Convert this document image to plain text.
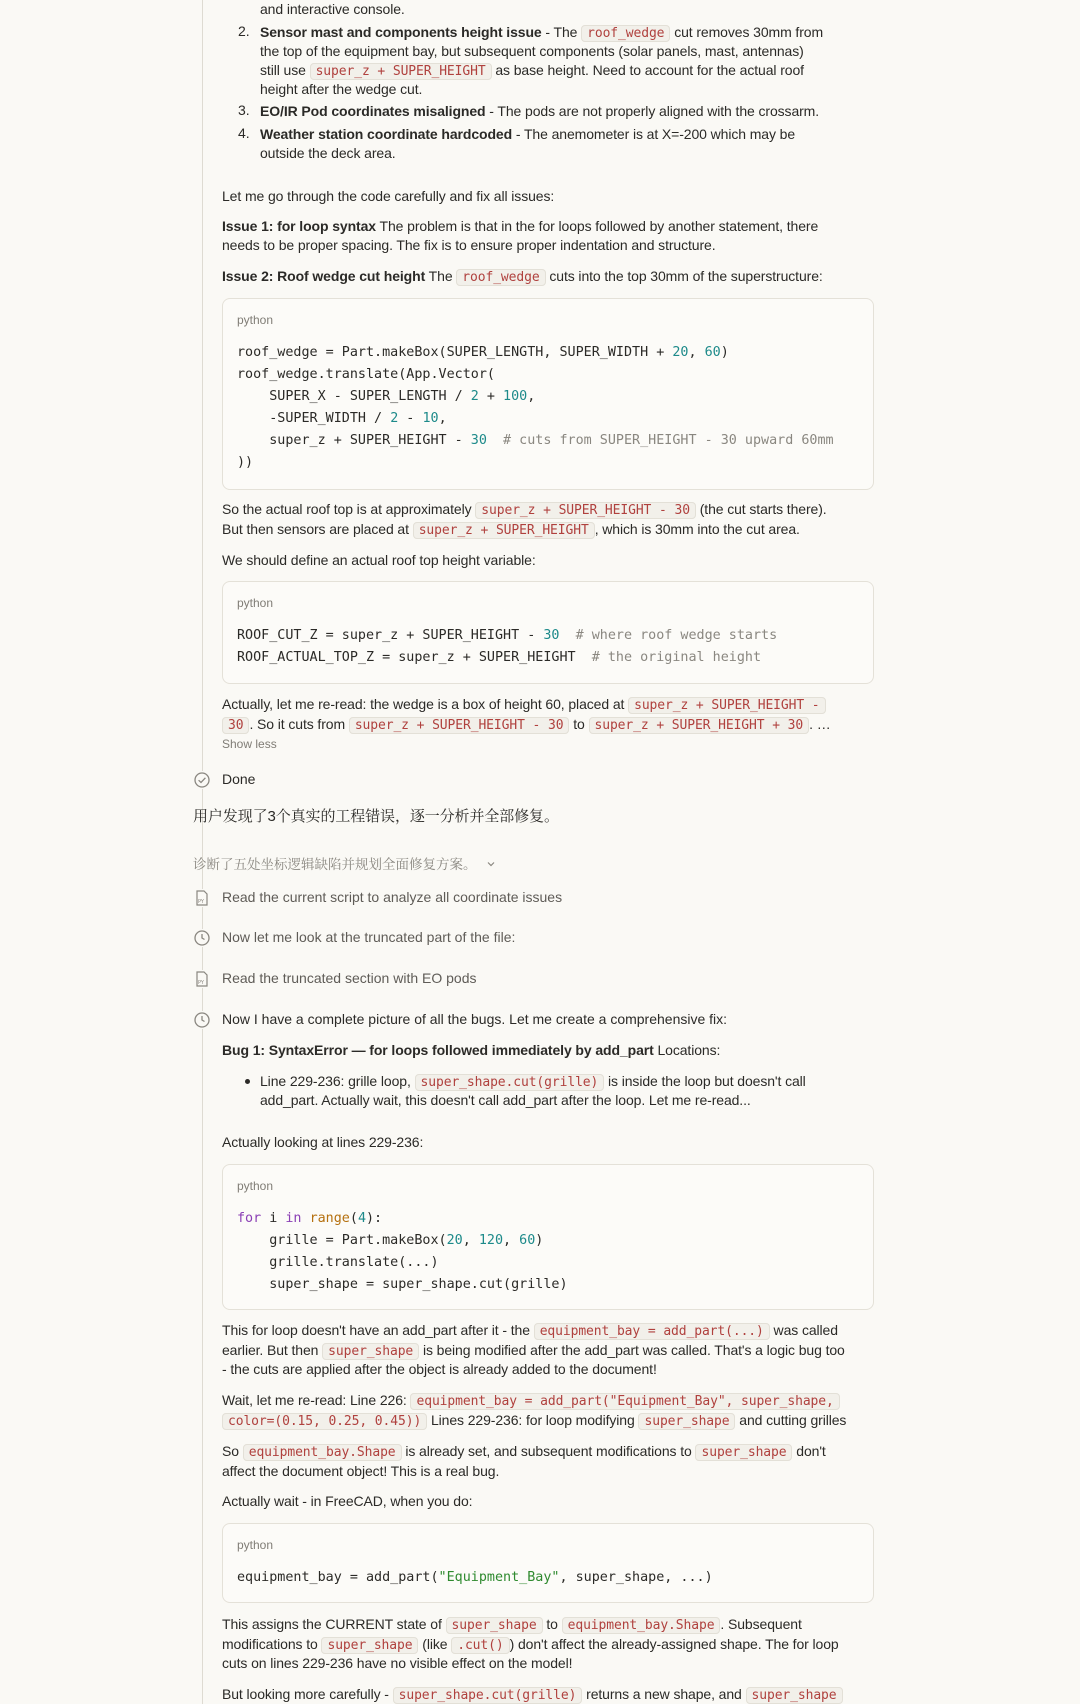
and interactive console.
2. Sensor mast and components height issue - The roof_wedge cut removes 30mm from
the top of the equipment bay, but subsequent components (solar panels, mast, antennas)
still use super_z + SUPER_HEIGHT as base height. Need to account for the actual roof
height after the wedge cut.
3. EO/IR Pod coordinates misaligned - The pods are not properly aligned with the crossarm.
4. Weather station coordinate hardcoded - The anemometer is at X=-200 which may be
outside the deck area.
Let me go through the code carefully and fix all issues:
Issue 1: for loop syntax The problem is that in the for loops followed by another statement, there
needs to be proper spacing. The fix is to ensure proper indentation and structure.
Issue 2: Roof wedge cut height The roof_wedge cuts into the top 30mm of the superstructure:
python
roof_wedge = Part.makeBox(SUPER_LENGTH, SUPER_WIDTH + 20, 60)
roof_wedge.translate(App.Vector(
SUPER_X - SUPER_LENGTH / 2 + 100,
-SUPER_WIDTH / 2 - 10,
super_z + SUPER_HEIGHT - 30  # cuts from SUPER_HEIGHT - 30 upward 60mm
))
So the actual roof top is at approximately super_z + SUPER_HEIGHT - 30 (the cut starts there).
But then sensors are placed at super_z + SUPER_HEIGHT , which is 30mm into the cut area.
We should define an actual roof top height variable:
python
ROOF_CUT_Z = super_z + SUPER_HEIGHT - 30  # where roof wedge starts
ROOF_ACTUAL_TOP_Z = super_z + SUPER_HEIGHT  # the original height
Actually, let me re-read: the wedge is a box of height 60, placed at super_z + SUPER_HEIGHT -
30 . So it cuts from super_z + SUPER_HEIGHT - 30 to super_z + SUPER_HEIGHT + 30 . …
Show less
Done
用户发现了3个真实的工程错误，逐一分析并全部修复。
诊断了五处坐标逻辑缺陷并规划全面修复方案。
PY Read the current script to analyze all coordinate issues
Now let me look at the truncated part of the file:
PY Read the truncated section with EO pods
Now I have a complete picture of all the bugs. Let me create a comprehensive fix:
Bug 1: SyntaxError — for loops followed immediately by add_part Locations:
Line 229-236: grille loop, super_shape.cut(grille) is inside the loop but doesn't call
add_part. Actually wait, this doesn't call add_part after the loop. Let me re-read...
Actually looking at lines 229-236:
python
for i in range(4):
grille = Part.makeBox(20, 120, 60)
grille.translate(...)
super_shape = super_shape.cut(grille)
This for loop doesn't have an add_part after it - the equipment_bay = add_part(...) was called
earlier. But then super_shape is being modified after the add_part was called. That's a logic bug too
- the cuts are applied after the object is already added to the document!
Wait, let me re-read: Line 226: equipment_bay = add_part("Equipment_Bay", super_shape,
color=(0.15, 0.25, 0.45)) Lines 229-236: for loop modifying super_shape and cutting grilles
So equipment_bay.Shape is already set, and subsequent modifications to super_shape don't
affect the document object! This is a real bug.
Actually wait - in FreeCAD, when you do:
python
equipment_bay = add_part("Equipment_Bay", super_shape, ...)
This assigns the CURRENT state of super_shape to equipment_bay.Shape . Subsequent
modifications to super_shape (like .cut() ) don't affect the already-assigned shape. The for loop
cuts on lines 229-236 have no visible effect on the model!
But looking more carefully - super_shape.cut(grille) returns a new shape, and super_shape
